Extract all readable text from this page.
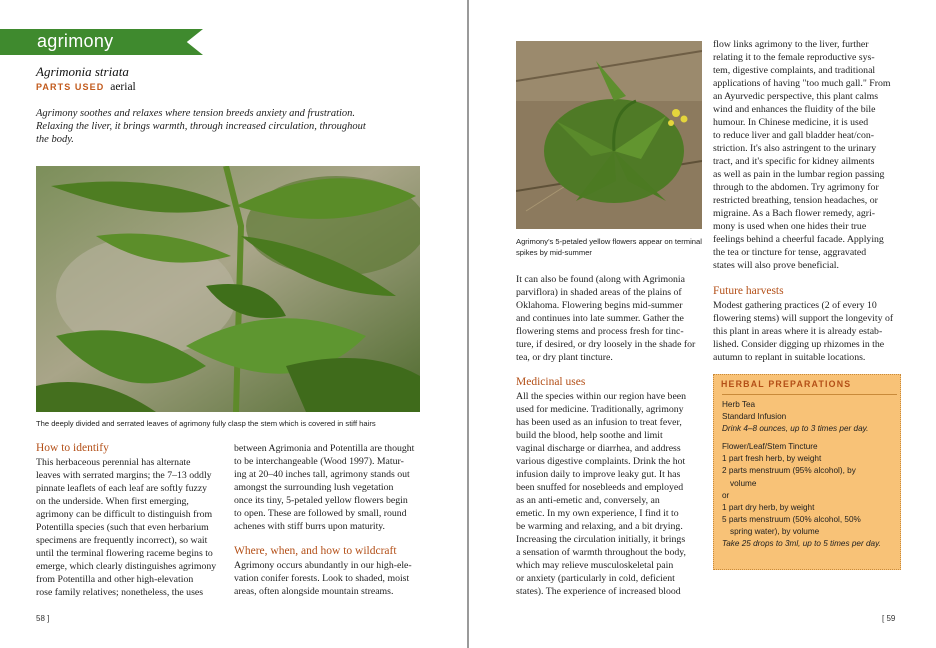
agrimony
Agrimonia striata
PARTS USED aerial
Agrimony soothes and relaxes where tension breeds anxiety and frustration. Relaxing the liver, it brings warmth, through increased circulation, throughout the body.
The deeply divided and serrated leaves of agrimony fully clasp the stem which is covered in stiff hairs
How to identify
This herbaceous perennial has alternate
leaves with serrated margins; the 7–13 oddly
pinnate leaflets of each leaf are softly fuzzy
on the underside. When first emerging,
agrimony can be difficult to distinguish from
Potentilla species (such that even herbarium
specimens are frequently incorrect), so wait
until the terminal flowering raceme begins to
emerge, which clearly distinguishes agrimony
from Potentilla and other high-elevation
rose family relatives; nonetheless, the uses
between Agrimonia and Potentilla are thought
to be interchangeable (Wood 1997). Matur-
ing at 20–40 inches tall, agrimony stands out
amongst the surrounding lush vegetation
once its tiny, 5-petaled yellow flowers begin
to open. These are followed by small, round
achenes with stiff burrs upon maturity.
Where, when, and how to wildcraft
Agrimony occurs abundantly in our high-ele-
vation conifer forests. Look to shaded, moist
areas, often alongside mountain streams.
58 ]
Agrimony's 5-petaled yellow flowers appear on terminal spikes by mid-summer
It can also be found (along with Agrimonia
parviflora) in shaded areas of the plains of
Oklahoma. Flowering begins mid-summer
and continues into late summer. Gather the
flowering stems and process fresh for tinc-
ture, if desired, or dry loosely in the shade for
tea, or dry plant tincture.
Medicinal uses
All the species within our region have been
used for medicine. Traditionally, agrimony
has been used as an infusion to treat fever,
build the blood, help soothe and limit
vaginal discharge or diarrhea, and address
various digestive complaints. Drink the hot
infusion daily to improve leaky gut. It has
been snuffed for nosebleeds and employed
as an anti-emetic and, conversely, an
emetic. In my own experience, I find it to
be warming and relaxing, and a bit drying.
Increasing the circulation initially, it brings
a sensation of warmth throughout the body,
which may relieve musculoskeletal pain
or anxiety (particularly in cold, deficient
states). The experience of increased blood
flow links agrimony to the liver, further
relating it to the female reproductive sys-
tem, digestive complaints, and traditional
applications of having "too much gall." From
an Ayurvedic perspective, this plant calms
wind and enhances the fluidity of the bile
humour. In Chinese medicine, it is used
to reduce liver and gall bladder heat/con-
striction. It's also astringent to the urinary
tract, and it's specific for kidney ailments
as well as pain in the lumbar region passing
through to the abdomen. Try agrimony for
restricted breathing, tension headaches, or
migraine. As a Bach flower remedy, agri-
mony is used when one hides their true
feelings behind a cheerful facade. Applying
the tea or tincture for tense, aggravated
states will also prove beneficial.
Future harvests
Modest gathering practices (2 of every 10
flowering stems) will support the longevity of
this plant in areas where it is already estab-
lished. Consider digging up rhizomes in the
autumn to replant in suitable locations.
HERBAL PREPARATIONS
Herb Tea
Standard Infusion
Drink 4–8 ounces, up to 3 times per day.
Flower/Leaf/Stem Tincture
1 part fresh herb, by weight
2 parts menstruum (95% alcohol), by
volume
or
1 part dry herb, by weight
5 parts menstruum (50% alcohol, 50%
spring water), by volume
Take 25 drops to 3ml, up to 5 times per day.
[ 59
